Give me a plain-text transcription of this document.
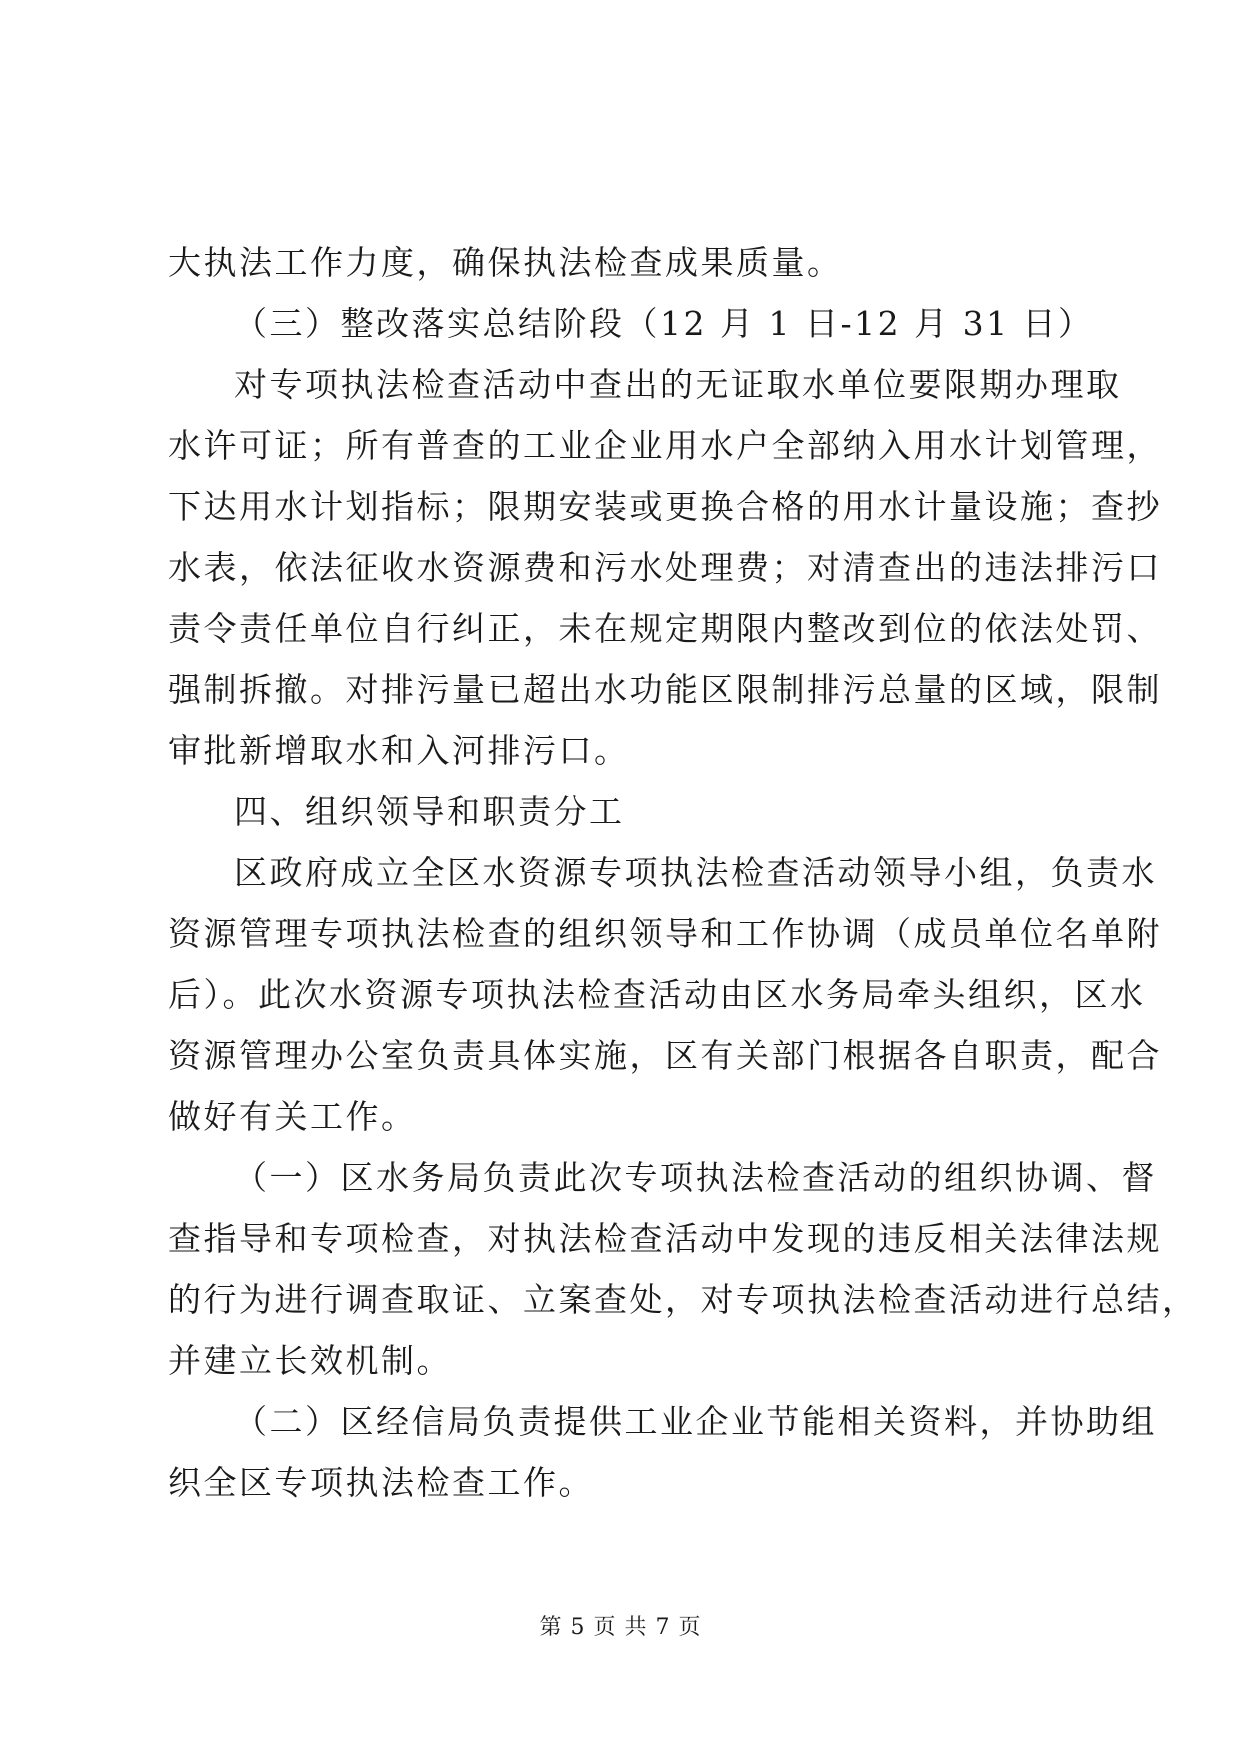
大执法工作力度，确保执法检查成果质量。
（三）整改落实总结阶段（12 月 1 日-12 月 31 日）
对专项执法检查活动中查出的无证取水单位要限期办理取
水许可证；所有普查的工业企业用水户全部纳入用水计划管理，
下达用水计划指标；限期安装或更换合格的用水计量设施；查抄
水表，依法征收水资源费和污水处理费；对清查出的违法排污口
责令责任单位自行纠正，未在规定期限内整改到位的依法处罚、
强制拆撤。对排污量已超出水功能区限制排污总量的区域，限制
审批新增取水和入河排污口。
四、组织领导和职责分工
区政府成立全区水资源专项执法检查活动领导小组，负责水
资源管理专项执法检查的组织领导和工作协调（成员单位名单附
后）。此次水资源专项执法检查活动由区水务局牵头组织，区水
资源管理办公室负责具体实施，区有关部门根据各自职责，配合
做好有关工作。
（一）区水务局负责此次专项执法检查活动的组织协调、督
查指导和专项检查，对执法检查活动中发现的违反相关法律法规
的行为进行调查取证、立案查处，对专项执法检查活动进行总结，
并建立长效机制。
（二）区经信局负责提供工业企业节能相关资料，并协助组
织全区专项执法检查工作。
第 5 页 共 7 页
